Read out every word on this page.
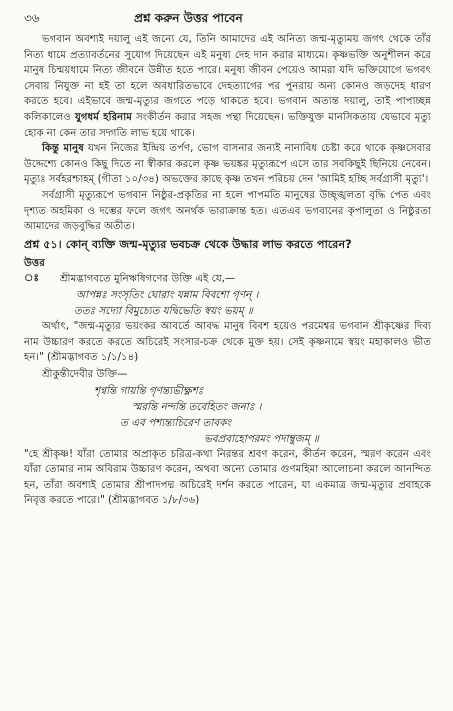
৩৬	প্রশ্ন করুন উত্তর পাবেন

ভগবান অবশ্যই দয়ালু এই জন্যে যে, তিনি আমাদের এই অনিত্য জন্ম-মৃত্যুময় জগৎ থেকে তাঁর নিত্য ধামে প্রত্যাবর্তনের সুযোগ দিয়েছেন এই মনুষ্য দেহ দান করার মাধ্যমে। কৃষ্ণভক্তি অনুশীলন করে মানুষ চিন্ময়ধামে নিত্য জীবনে উন্নীত হতে পারে। মনুষ্য জীবন পেয়েও আমরা যদি ভক্তিযোগে ভগবৎ সেবায় নিযুক্ত না হই তা হলে অবধারিতভাবে দেহত্যাগের পর পুনরায় অন্য কোনও জড়দেহ ধারণ করতে হবে। এইভাবে জন্ম-মৃত্যুর জগতে পড়ে থাকতে হবে। ভগবান অত্যন্ত দয়ালু, তাই পাপাচ্ছন্ন কলিকালেও যুগধর্ম হরিনাম সংকীর্তন করার সহজ পন্থা দিয়েছেন। ভক্তিযুক্ত মানসিকতায় যেভাবে মৃত্যু হোক না কেন তার সদ্গতি লাভ হয়ে থাকে।

কিন্তু মানুষ যখন নিজের ইন্দ্রিয় তর্পণ, ভোগ বাসনার জন্যই নানাবিধ চেষ্টা করে থাকে কৃষ্ণসেবার উদ্দেশ্যে কোনও কিছু দিতে না স্বীকার করলে কৃষ্ণ ভয়ঙ্কর মৃত্যুরূপে এসে তার সবকিছুই ছিনিয়ে নেবেন। মৃত্যুঃ সর্বহরশ্চাহম্ (গীতা ১০/৩৪) অভক্তের কাছে কৃষ্ণ তখন পরিচয় দেন 'আমিই হচ্ছি সর্বগ্রাসী মৃত্যু'।

সর্বগ্রাসী মৃত্যুরূপে ভগবান নিষ্ঠুর-প্রকৃতির না হলে পাপমতি মানুষের উচ্ছৃঙ্খলতা বৃদ্ধি পেত এবং দৃশ্যত অহমিকা ও দম্ভের ফলে জগৎ অনর্থক ভারাক্রান্ত হত। এতএব ভগবানের কৃপালুতা ও নিষ্ঠুরতা আমাদের জড়বুদ্ধির অতীত।

প্রশ্ন ৫১। কোন্ ব্যক্তি জন্ম-মৃত্যুর ভবচক্র থেকে উদ্ধার লাভ করতে পারেন?

উত্তর ঃ শ্রীমদ্ভাগবতে মুনিঋষিগণের উক্তি এই যে,—
আপন্নঃ সংসৃতিং ঘোরাং যন্নাম বিবশো গৃণন্ ।
ততঃ সদ্যো বিমুচ্যেত যদ্বিভেতি স্বয়ং ভয়ম্ ॥

অর্থাৎ, "জন্ম-মৃত্যুর ভয়ংকর আবর্তে আবদ্ধ মানুষ বিবশ হয়েও পরমেশ্বর ভগবান শ্রীকৃষ্ণের দিব্য নাম উচ্চারণ করতে করতে অচিরেই সংসার-চক্র থেকে মুক্ত হয়। সেই কৃষ্ণনামে স্বয়ং মহাকালও ভীত হন।" (শ্রীমদ্ভাগবত ১/১/১৪)

শ্রীকুন্তীদেবীর উক্তি—
শৃণ্বন্তি গায়ন্তি গৃণন্ত্যভীক্ষ্ণশঃ
স্মরন্তি নন্দন্তি তবেহিতং জনাঃ ।
ত এব পশ্যন্ত্যচিরেণ তাবকং
ভবপ্রবাহোপরমং পদাম্বুজম্ ॥

"হে শ্রীকৃষ্ণ! যাঁরা তোমার অপ্রাকৃত চরিত্র-কথা নিরন্তর শ্রবণ করেন, কীর্তন করেন, স্মরণ করেন এবং যাঁরা তোমার নাম অবিরাম উচ্চারণ করেন, অথবা অন্যে তোমার গুণমহিমা আলোচনা করলে আনন্দিত হন, তাঁরা অবশ্যই তোমার শ্রীপাদপদ্ম অচিরেই দর্শন করতে পারেন, যা একমাত্র জন্ম-মৃত্যুর প্রবাহকে নিবৃত্ত করতে পারে।" (শ্রীমদ্ভাগবত ১/৮/৩৬)
